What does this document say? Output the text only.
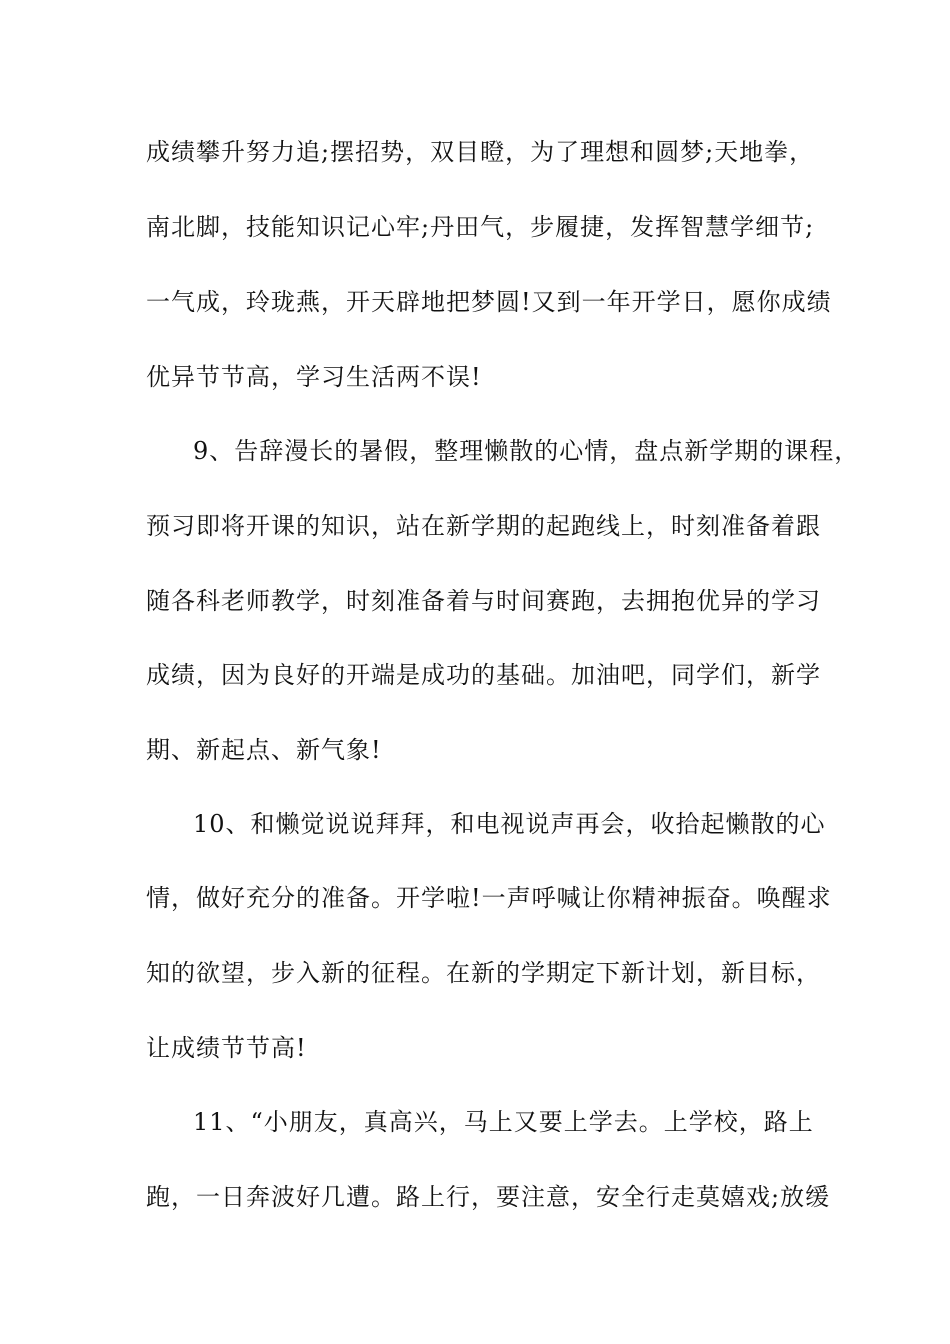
成绩攀升努力追;摆招势，双目瞪，为了理想和圆梦;天地拳，
南北脚，技能知识记心牢;丹田气，步履捷，发挥智慧学细节;
一气成，玲珑燕，开天辟地把梦圆!又到一年开学日，愿你成绩
优异节节高，学习生活两不误!
9、告辞漫长的暑假，整理懒散的心情，盘点新学期的课程，
预习即将开课的知识，站在新学期的起跑线上，时刻准备着跟
随各科老师教学，时刻准备着与时间赛跑，去拥抱优异的学习
成绩，因为良好的开端是成功的基础。加油吧，同学们，新学
期、新起点、新气象!
10、和懒觉说说拜拜，和电视说声再会，收拾起懒散的心
情，做好充分的准备。开学啦!一声呼喊让你精神振奋。唤醒求
知的欲望，步入新的征程。在新的学期定下新计划，新目标，
让成绩节节高!
11、“小朋友，真高兴，马上又要上学去。上学校，路上
跑，一日奔波好几遭。路上行，要注意，安全行走莫嬉戏;放缓
